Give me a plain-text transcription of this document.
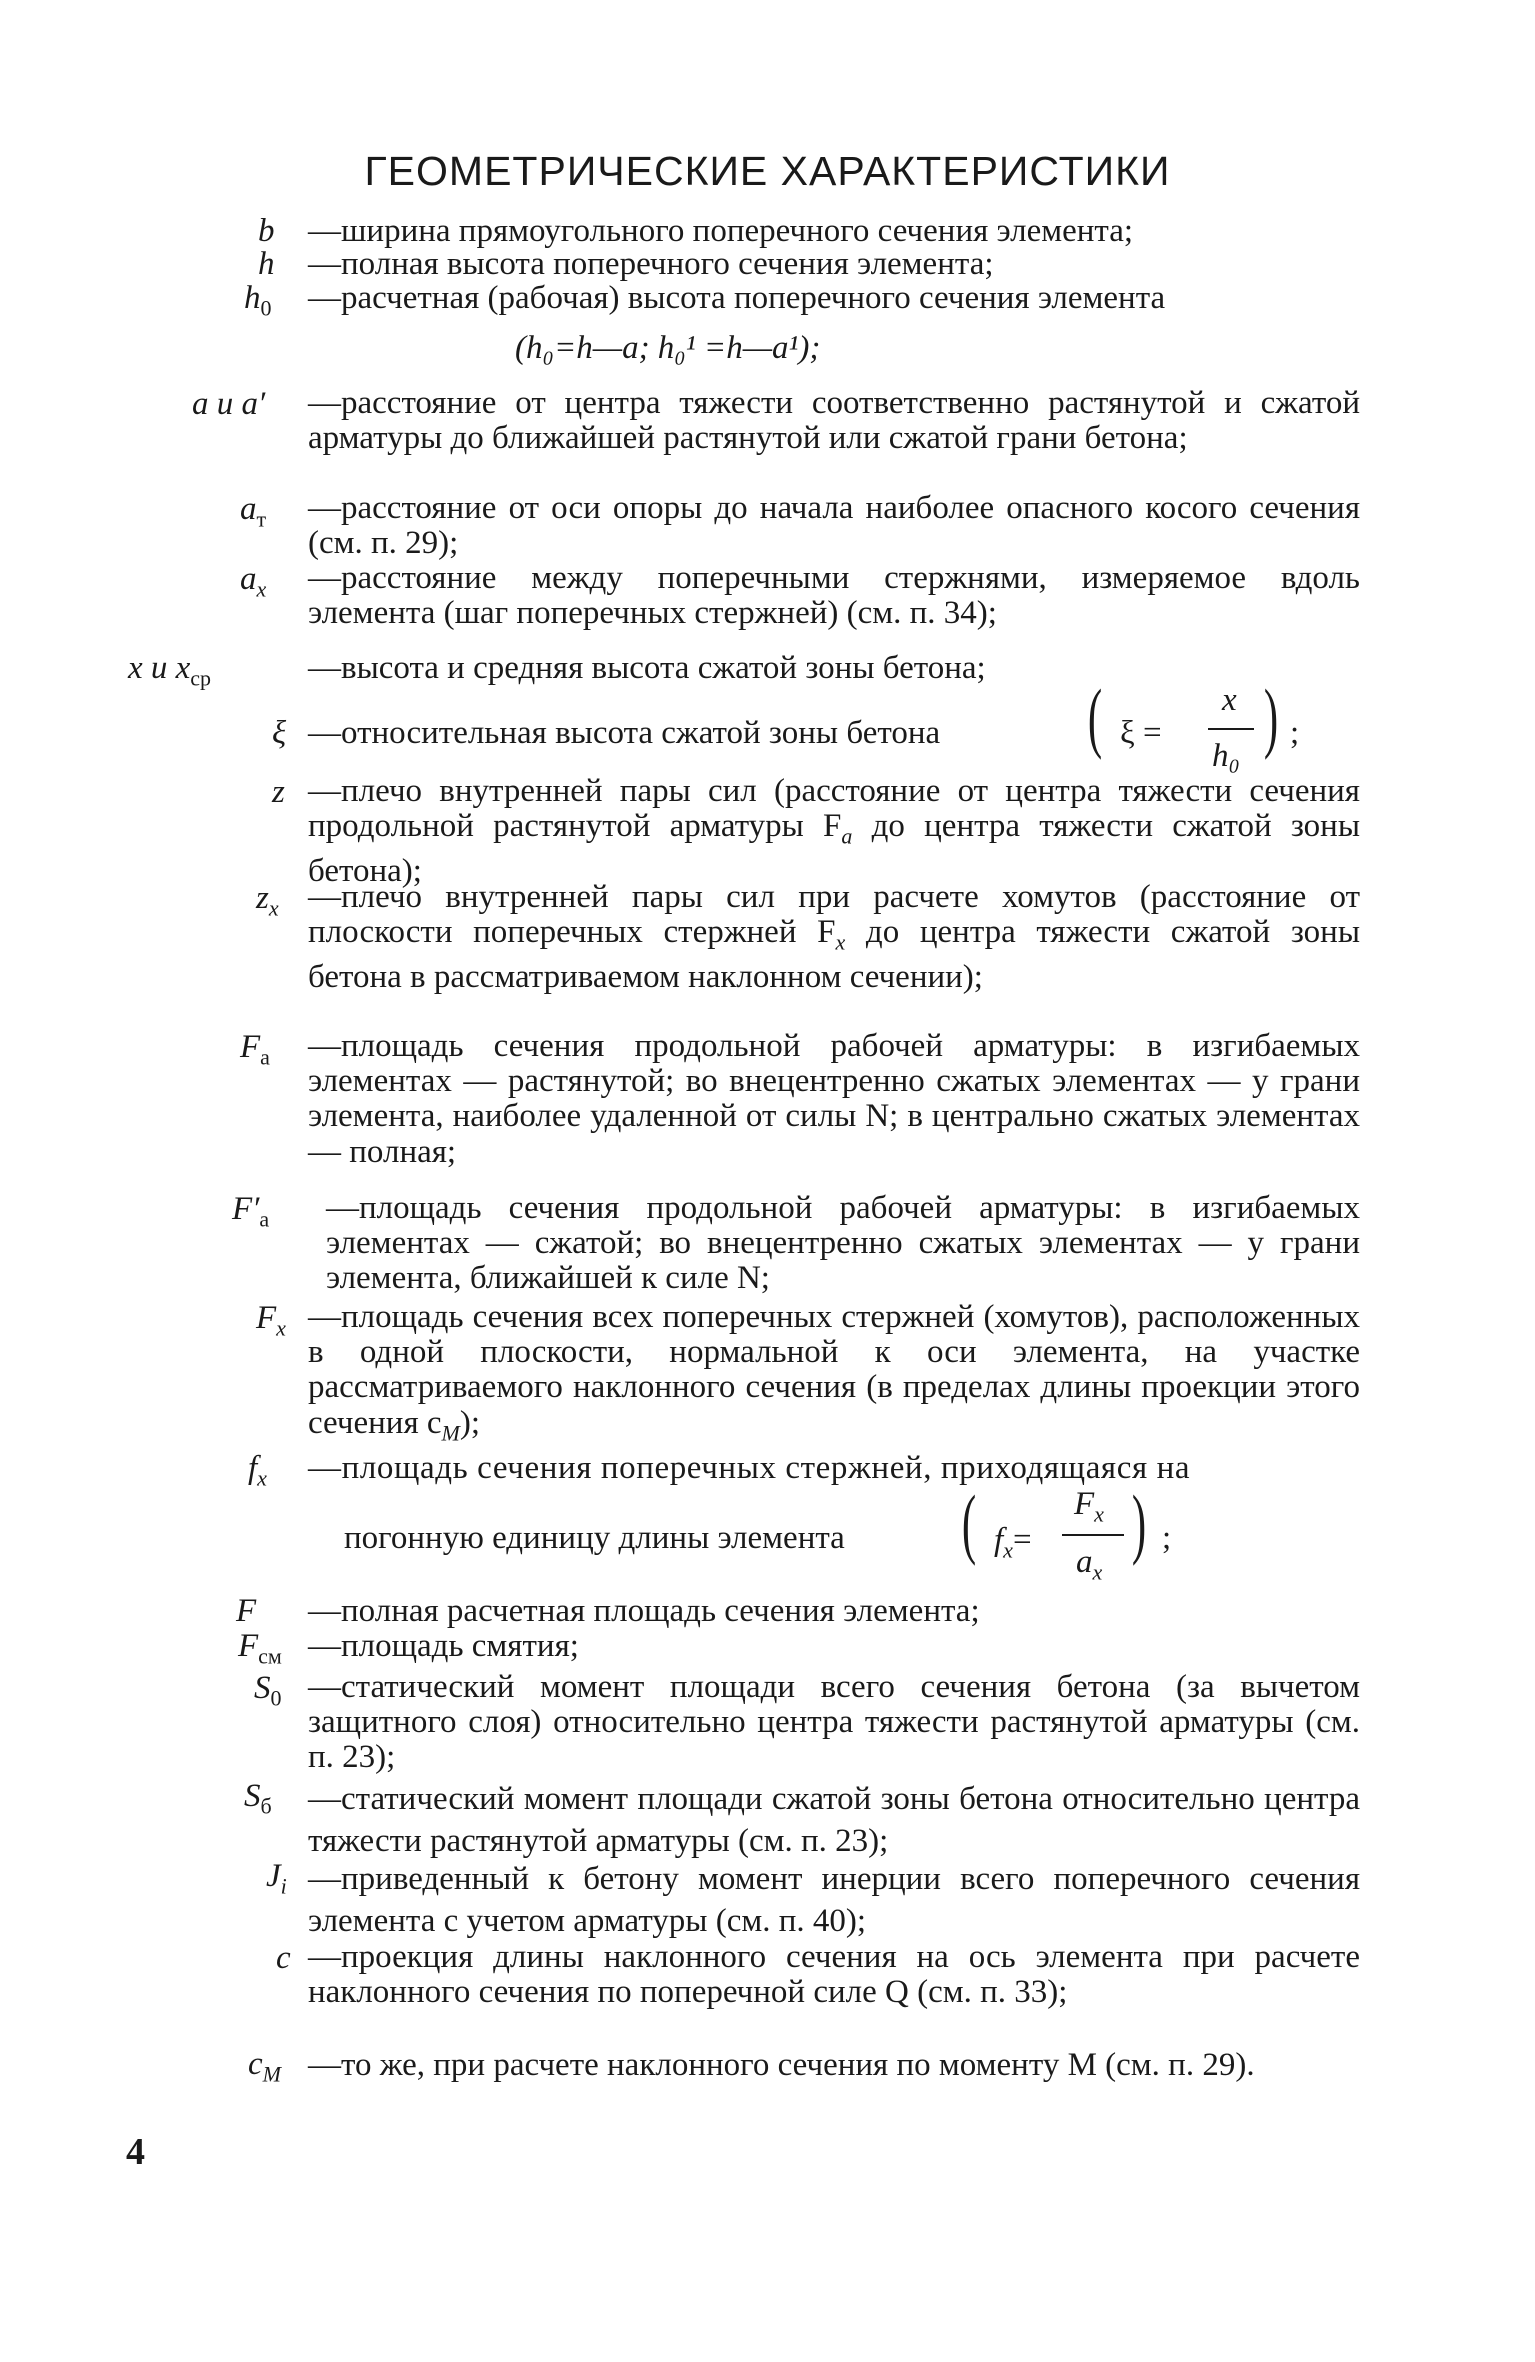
ГЕОМЕТРИЧЕСКИЕ ХАРАКТЕРИСТИКИ
b —ширина прямоугольного поперечного сечения элемента;
h —полная высота поперечного сечения элемента;
$h_0$ —расчетная (рабочая) высота поперечного сечения элемента
(h₀=h—a; h₀¹ =h—a¹);
a и a′ —расстояние от центра тяжести соответственно растянутой и сжатой арматуры до ближайшей растянутой или сжатой грани бетона;
$a_т$ —расстояние от оси опоры до начала наиболее опасного косого сечения (см. п. 29);
$a_x$ —расстояние между поперечными стержнями, измеряемое вдоль элемента (шаг поперечных стержней) (см. п. 34);
x и $x_{ср}$	—высота и средняя высота сжатой зоны бетона;
ξ —относительная высота сжатой зоны бетона ( ξ =
x
h₀ ) ;
z —плечо внутренней пары сил (расстояние от центра тяжести сечения продольной растянутой арматуры $F_а$ до центра тяжести сжатой зоны бетона);
$z_x$ —плечо внутренней пары сил при расчете хомутов (расстояние от плоскости поперечных стержней $F_x$ до центра тяжести сжатой зоны бетона в рассматриваемом наклонном сечении);
$F_а$ —площадь сечения продольной рабочей арматуры: в изгибаемых элементах — растянутой; во внецентренно сжатых элементах — у грани элемента, наиболее удаленной от силы N; в центрально сжатых элементах — полная;
$F'_а$ —площадь сечения продольной рабочей арматуры: в изгибаемых элементах — сжатой; во внецентренно сжатых элементах — у грани элемента, ближайшей к силе N;
$F_x$ —площадь сечения всех поперечных стержней (хомутов), расположенных в одной плоскости, нормальной к оси элемента, на участке рассматриваемого наклонного сечения (в пределах длины проекции этого сечения $c_M$);
$f_x$ —площадь сечения поперечных стержней, приходящаяся на
погонную единицу длины элемента ( $f_x=$
$F_x$
$a_x$
) ;
F —полная расчетная площадь сечения элемента;
$F_{см}$ —площадь смятия;
$S_0$ —статический момент площади всего сечения бетона (за вычетом защитного слоя) относительно центра тяжести растянутой арматуры (см. п. 23);
$S_б$ —статический момент площади сжатой зоны бетона относительно центра тяжести растянутой арматуры (см. п. 23);
$J_i$ —приведенный к бетону момент инерции всего поперечного сечения элемента с учетом арматуры (см. п. 40);
c —проекция длины наклонного сечения на ось элемента при расчете наклонного сечения по поперечной силе Q (см. п. 33);
$c_M$ —то же, при расчете наклонного сечения по моменту M (см. п. 29).
4
